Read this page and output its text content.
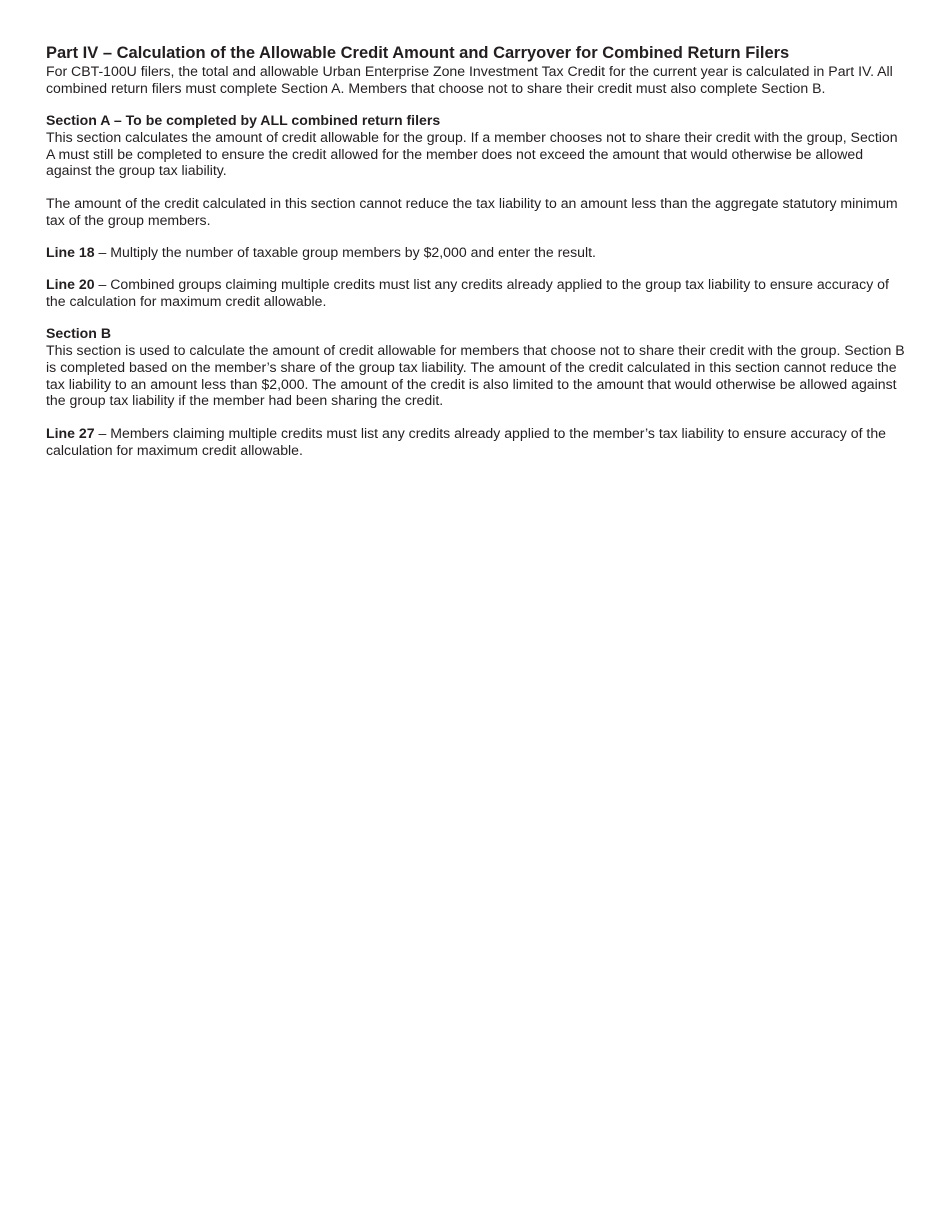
Part IV – Calculation of the Allowable Credit Amount and Carryover for Combined Return Filers

For CBT-100U filers, the total and allowable Urban Enterprise Zone Investment Tax Credit for the current year is calculated in Part IV. All combined return filers must complete Section A. Members that choose not to share their credit must also complete Section B.

Section A – To be completed by ALL combined return filers

This section calculates the amount of credit allowable for the group. If a member chooses not to share their credit with the group, Section A must still be completed to ensure the credit allowed for the member does not exceed the amount that would otherwise be allowed against the group tax liability.

The amount of the credit calculated in this section cannot reduce the tax liability to an amount less than the aggregate statutory minimum tax of the group members.

Line 18 – Multiply the number of taxable group members by $2,000 and enter the result.

Line 20 – Combined groups claiming multiple credits must list any credits already applied to the group tax liability to ensure accuracy of the calculation for maximum credit allowable.

Section B

This section is used to calculate the amount of credit allowable for members that choose not to share their credit with the group. Section B is completed based on the member’s share of the group tax liability. The amount of the credit calculated in this section cannot reduce the tax liability to an amount less than $2,000. The amount of the credit is also limited to the amount that would otherwise be allowed against the group tax liability if the member had been sharing the credit.

Line 27 – Members claiming multiple credits must list any credits already applied to the member’s tax liability to ensure accuracy of the calculation for maximum credit allowable.
